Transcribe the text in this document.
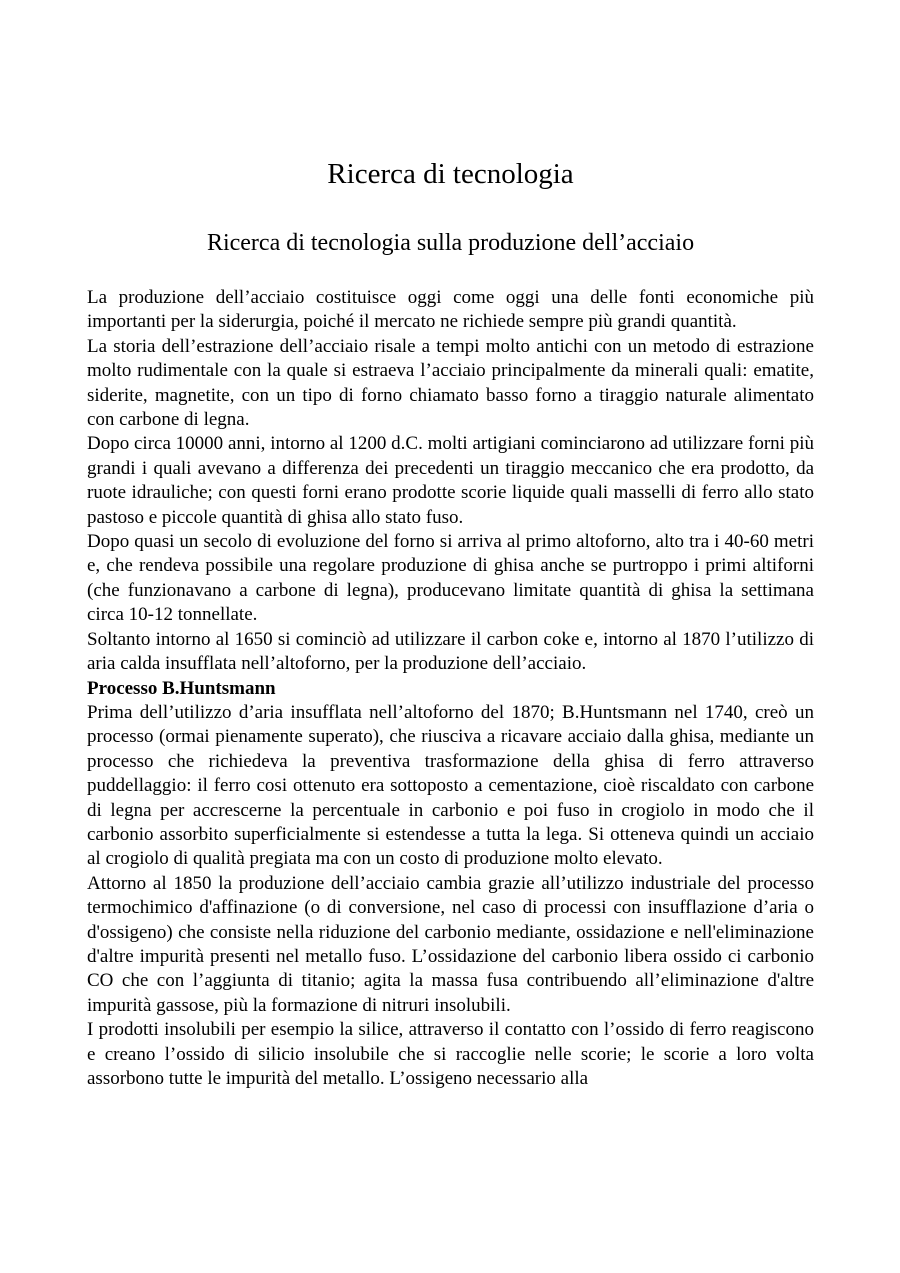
Ricerca di tecnologia
Ricerca di tecnologia sulla produzione dell’acciaio

La produzione dell’acciaio costituisce oggi come oggi una delle fonti economiche più importanti per la siderurgia, poiché il mercato ne richiede sempre più grandi quantità.

La storia dell’estrazione dell’acciaio risale a tempi molto antichi con un metodo di estrazione molto rudimentale con la quale si estraeva l’acciaio principalmente da minerali quali: ematite, siderite, magnetite, con un tipo di forno chiamato basso forno a tiraggio naturale alimentato con carbone di legna.

Dopo circa 10000 anni, intorno al 1200 d.C. molti artigiani cominciarono ad utilizzare forni più grandi i quali avevano a differenza dei precedenti un tiraggio meccanico che era prodotto, da ruote idrauliche; con questi forni erano prodotte scorie liquide quali masselli di ferro allo stato pastoso e piccole quantità di ghisa allo stato fuso.

Dopo quasi un secolo di evoluzione del forno si arriva al primo altoforno, alto tra i 40-60 metri e, che rendeva possibile una regolare produzione di ghisa anche se purtroppo i primi altiforni (che funzionavano a carbone di legna), producevano limitate quantità di ghisa la settimana circa 10-12 tonnellate.

Soltanto intorno al 1650 si cominciò ad utilizzare il carbon coke e, intorno al 1870 l’utilizzo di aria calda insufflata nell’altoforno, per la produzione dell’acciaio.

Processo B.Huntsmann

Prima dell’utilizzo d’aria insufflata nell’altoforno del 1870; B.Huntsmann nel 1740, creò un processo (ormai pienamente superato), che riusciva a ricavare acciaio dalla ghisa, mediante un processo che richiedeva la preventiva trasformazione della ghisa di ferro attraverso puddellaggio: il ferro cosi ottenuto era sottoposto a cementazione, cioè riscaldato con carbone di legna per accrescerne la percentuale in carbonio e poi fuso in crogiolo in modo che il carbonio assorbito superficialmente si estendesse a tutta la lega. Si otteneva quindi un acciaio al crogiolo di qualità pregiata ma con un costo di produzione molto elevato.

Attorno al 1850 la produzione dell’acciaio cambia grazie all’utilizzo industriale del processo termochimico d'affinazione (o di conversione, nel caso di processi con insufflazione d’aria o d'ossigeno) che consiste nella riduzione del carbonio mediante, ossidazione e nell'eliminazione d'altre impurità presenti nel metallo fuso. L’ossidazione del carbonio libera ossido ci carbonio CO che con l’aggiunta di titanio; agita la massa fusa contribuendo all’eliminazione d'altre impurità gassose, più la formazione di nitruri insolubili.

I prodotti insolubili per esempio la silice, attraverso il contatto con l’ossido di ferro reagiscono e creano l’ossido di silicio insolubile che si raccoglie nelle scorie; le scorie a loro volta assorbono tutte le impurità del metallo. L’ossigeno necessario alla
